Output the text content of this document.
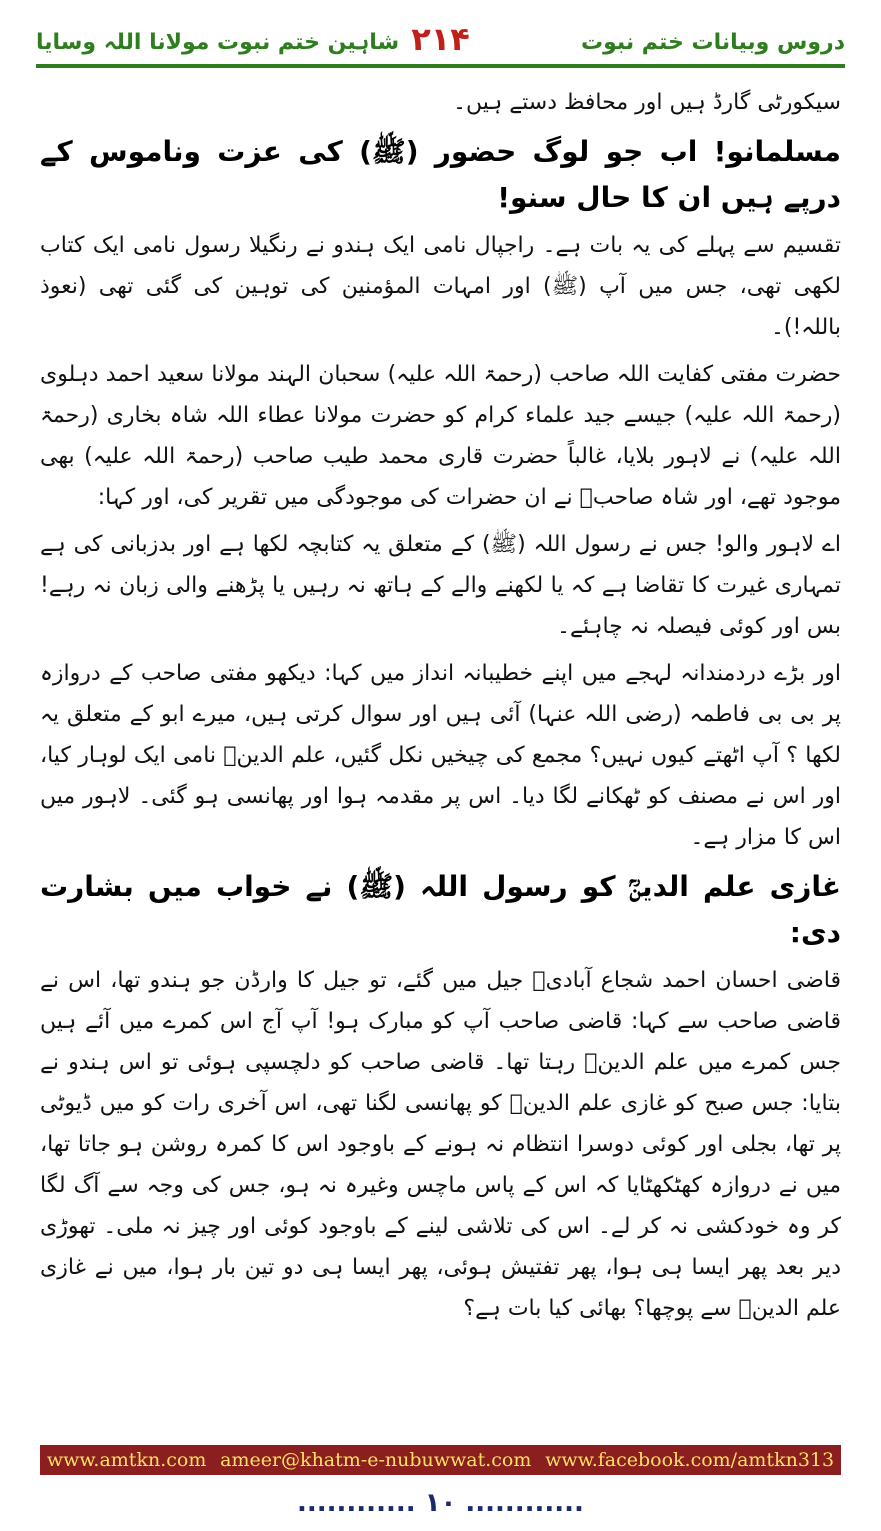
دروس وبیانات ختم نبوت
۲۱۴
شاہین ختم نبوت مولانا اللہ وسایا

سیکورٹی گارڈ ہیں اور محافظ دستے ہیں۔

مسلمانو! اب جو لوگ حضور (ﷺ) کی عزت وناموس کے درپے ہیں ان کا حال سنو!

تقسیم سے پہلے کی یہ بات ہے۔ راجپال نامی ایک ہندو نے رنگیلا رسول نامی ایک کتاب لکھی تھی، جس میں آپ (ﷺ) اور امہات المؤمنین کی توہین کی گئی تھی (نعوذ باللہ!)۔

حضرت مفتی کفایت اللہ صاحب (رحمۃ اللہ علیہ) سحبان الہند مولانا سعید احمد دہلوی (رحمۃ اللہ علیہ) جیسے جید علماء کرام کو حضرت مولانا عطاء اللہ شاہ بخاری (رحمۃ اللہ علیہ) نے لاہور بلایا، غالباً حضرت قاری محمد طیب صاحب (رحمۃ اللہ علیہ) بھی موجود تھے، اور شاہ صاحبؒ نے ان حضرات کی موجودگی میں تقریر کی، اور کہا:

اے لاہور والو! جس نے رسول اللہ (ﷺ) کے متعلق یہ کتابچہ لکھا ہے اور بدزبانی کی ہے تمہاری غیرت کا تقاضا ہے کہ یا لکھنے والے کے ہاتھ نہ رہیں یا پڑھنے والی زبان نہ رہے! بس اور کوئی فیصلہ نہ چاہئے۔

اور بڑے دردمندانہ لہجے میں اپنے خطیبانہ انداز میں کہا: دیکھو مفتی صاحب کے دروازہ پر بی بی فاطمہ (رضی اللہ عنہا) آئی ہیں اور سوال کرتی ہیں، میرے ابو کے متعلق یہ لکھا ؟ آپ اٹھتے کیوں نہیں؟ مجمع کی چیخیں نکل گئیں، علم الدینؒ نامی ایک لوہار کیا، اور اس نے مصنف کو ٹھکانے لگا دیا۔ اس پر مقدمہ ہوا اور پھانسی ہو گئی۔ لاہور میں اس کا مزار ہے۔

غازی علم الدینؒ کو رسول اللہ (ﷺ) نے خواب میں بشارت دی:

قاضی احسان احمد شجاع آبادیؒ جیل میں گئے، تو جیل کا وارڈن جو ہندو تھا، اس نے قاضی صاحب سے کہا: قاضی صاحب آپ کو مبارک ہو! آپ آج اس کمرے میں آئے ہیں جس کمرے میں علم الدینؒ رہتا تھا۔ قاضی صاحب کو دلچسپی ہوئی تو اس ہندو نے بتایا: جس صبح کو غازی علم الدینؒ کو پھانسی لگنا تھی، اس آخری رات کو میں ڈیوٹی پر تھا، بجلی اور کوئی دوسرا انتظام نہ ہونے کے باوجود اس کا کمرہ روشن ہو جاتا تھا، میں نے دروازہ کھٹکھٹایا کہ اس کے پاس ماچس وغیرہ نہ ہو، جس کی وجہ سے آگ لگا کر وہ خودکشی نہ کر لے۔ اس کی تلاشی لینے کے باوجود کوئی اور چیز نہ ملی۔ تھوڑی دیر بعد پھر ایسا ہی ہوا، پھر تفتیش ہوئی، پھر ایسا ہی دو تین بار ہوا، میں نے غازی علم الدینؒ سے پوچھا؟ بھائی کیا بات ہے؟

www.amtkn.com ameer@khatm-e-nubuwwat.com www.facebook.com/amtkn313
............ ۱۰ ............
